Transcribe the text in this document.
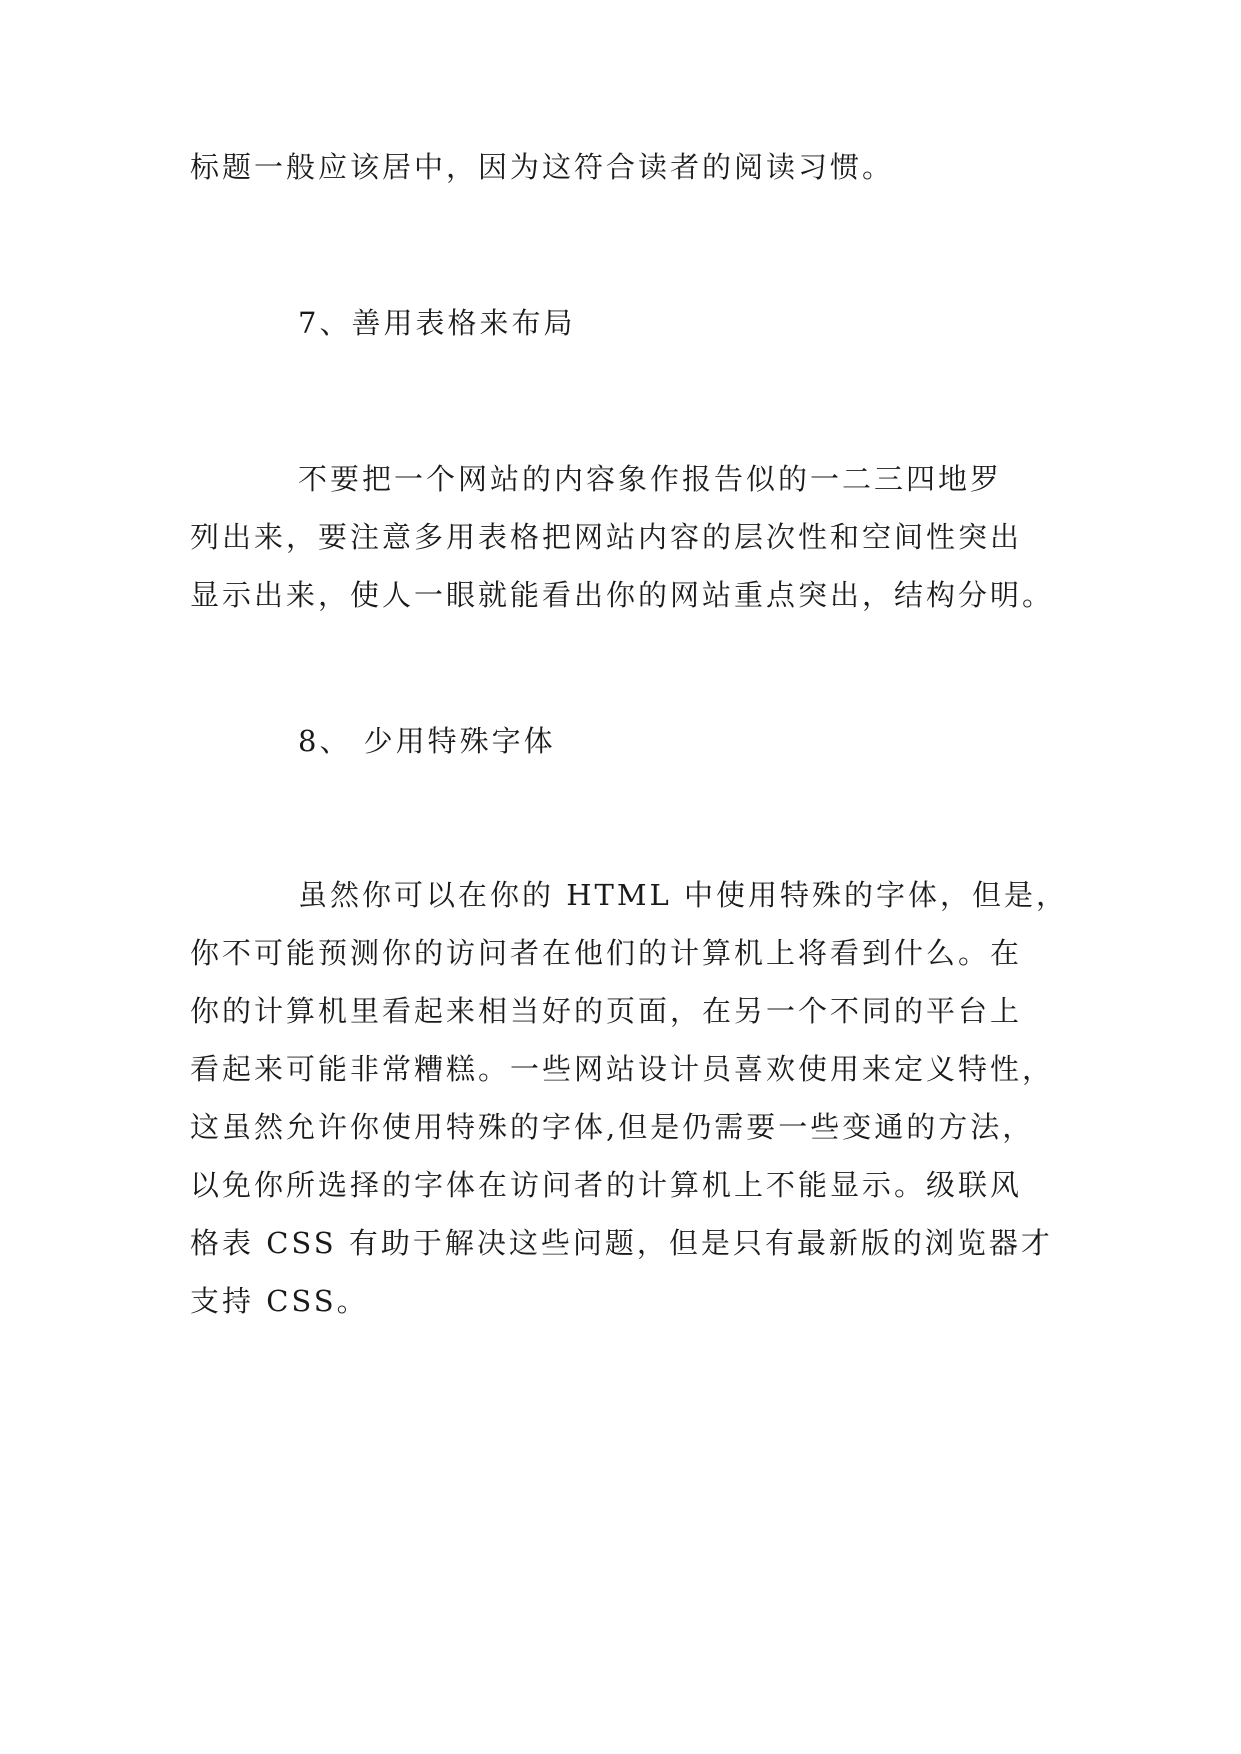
标题一般应该居中，因为这符合读者的阅读习惯。

7、善用表格来布局

不要把一个网站的内容象作报告似的一二三四地罗
列出来，要注意多用表格把网站内容的层次性和空间性突出
显示出来，使人一眼就能看出你的网站重点突出，结构分明。

8、 少用特殊字体

虽然你可以在你的 HTML 中使用特殊的字体，但是，
你不可能预测你的访问者在他们的计算机上将看到什么。在
你的计算机里看起来相当好的页面，在另一个不同的平台上
看起来可能非常糟糕。一些网站设计员喜欢使用来定义特性，
这虽然允许你使用特殊的字体,但是仍需要一些变通的方法，
以免你所选择的字体在访问者的计算机上不能显示。级联风
格表 CSS 有助于解决这些问题，但是只有最新版的浏览器才
支持 CSS。
